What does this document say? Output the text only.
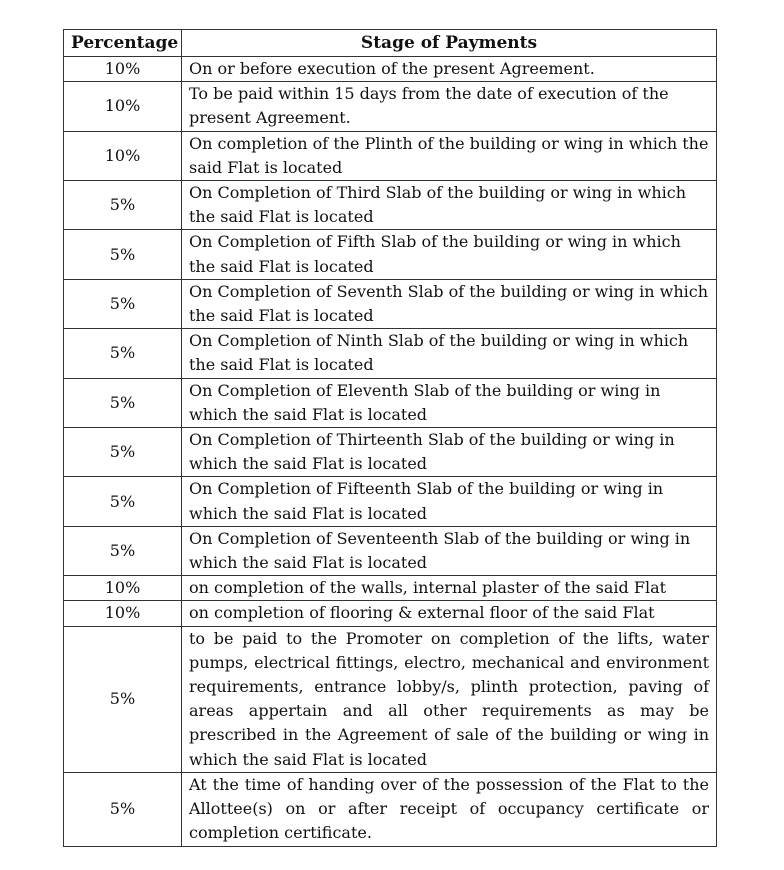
Percentage	Stage of Payments
10%	On or before execution of the present Agreement.
10%	To be paid within 15 days from the date of execution of the present Agreement.
10%	On completion of the Plinth of the building or wing in which the said Flat is located
5%	On Completion of Third Slab of the building or wing in which the said Flat is located
5%	On Completion of Fifth Slab of the building or wing in which the said Flat is located
5%	On Completion of Seventh Slab of the building or wing in which the said Flat is located
5%	On Completion of Ninth Slab of the building or wing in which the said Flat is located
5%	On Completion of Eleventh Slab of the building or wing in which the said Flat is located
5%	On Completion of Thirteenth Slab of the building or wing in which the said Flat is located
5%	On Completion of Fifteenth Slab of the building or wing in which the said Flat is located
5%	On Completion of Seventeenth Slab of the building or wing in which the said Flat is located
10%	on completion of the walls, internal plaster of the said Flat
10%	on completion of flooring & external floor of the said Flat
5%	to be paid to the Promoter on completion of the lifts, water pumps, electrical fittings, electro, mechanical and environment requirements, entrance lobby/s, plinth protection, paving of areas appertain and all other requirements as may be prescribed in the Agreement of sale of the building or wing in which the said Flat is located
5%	At the time of handing over of the possession of the Flat to the Allottee(s) on or after receipt of occupancy certificate or completion certificate.
